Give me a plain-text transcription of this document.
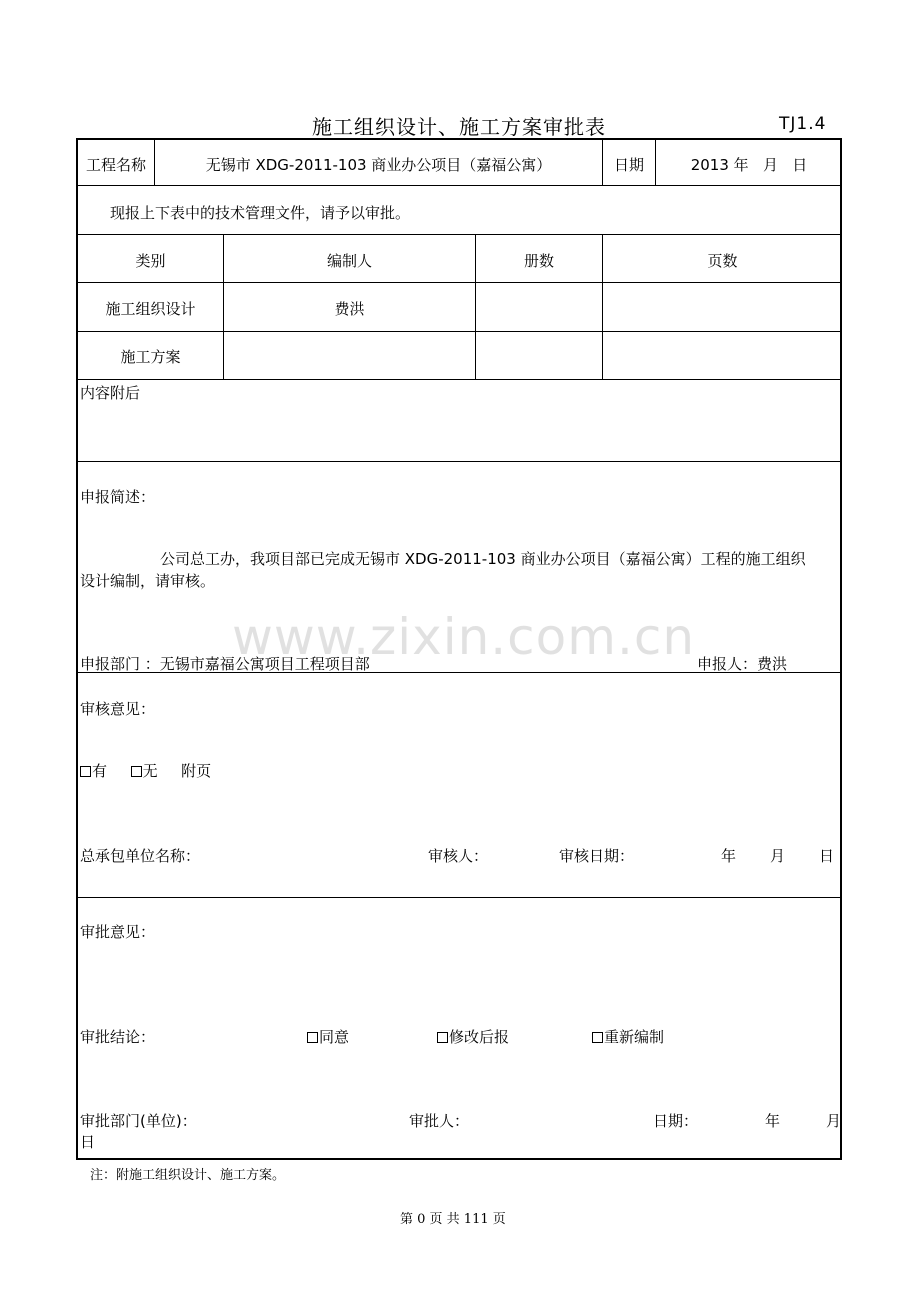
施工组织设计、施工方案审批表	TJ1.4
工程名称	无锡市 XDG-2011-103 商业办公项目（嘉福公寓）	日期	2013 年   月   日
现报上下表中的技术管理文件，请予以审批。
类别	编制人	册数	页数
施工组织设计	费洪
施工方案
内容附后
申报简述：
公司总工办，我项目部已完成无锡市 XDG-2011-103 商业办公项目（嘉福公寓）工程的施工组织
设计编制，请审核。
申报部门 ：无锡市嘉福公寓项目工程项目部	申报人：费洪
www.zixin.com.cn
审核意见：
有 无 附页
总承包单位名称：	审核人：	审核日期：	年 月 日
审批意见：
审批结论：	同意	修改后报	重新编制
审批部门(单位)：	审批人：	日期：	年	月
日
注：附施工组织设计、施工方案。
第 0 页 共 111 页
